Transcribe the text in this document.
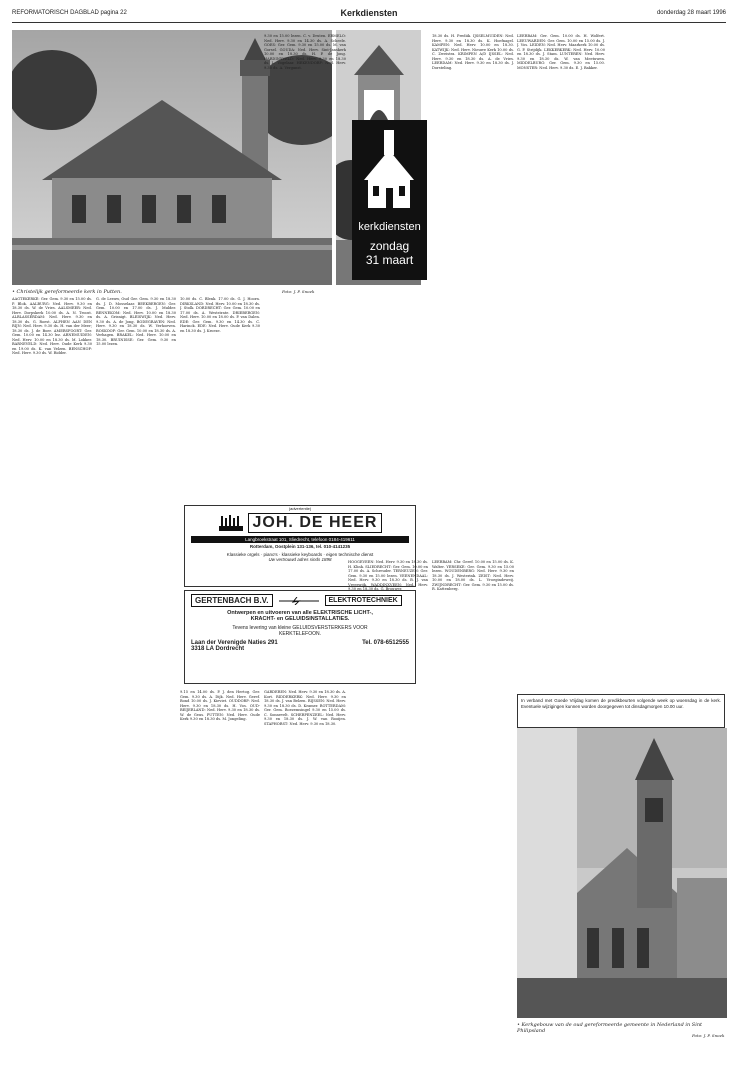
REFORMATORISCH DAGBLAD pagina 22	Kerkdiensten	donderdag 28 maart 1996
kerkdiensten
zondag
31 maart
• Christelijk gereformeerde kerk in Putten.	Foto: J. P. Snoek

AAGTEKERKE: Ger. Gem. 9.30 en 15.00 ds. P. Blok. AALBURG: Ned. Herv. 9.30 en 18.30 ds. W. de Vries. AALSMEER: Ned. Herv. Dorpskerk 10.00 ds. A. N. Troost. ALBLASSERDAM: Ned. Herv. 9.30 en 18.30 ds. G. Roest. ALPHEN AAN DEN RIJN: Ned. Herv. 9.30 ds. H. van der Meer; 18.30 ds. J. de Boer. AMERSFOORT: Ger. Gem. 10.00 en 14.30 lez. ARNEMUIDEN: Ned. Herv. 10.00 en 18.30 ds. M. Lokker. BARNEVELD: Ned. Herv. Oude Kerk 9.30 en 19.00 ds. K. van Velzen. BENSCHOP: Ned. Herv. 9.30 ds. W. Ridder.

G. de Leeuw, Oud Ger. Gem. 9.30 en 18.30 ds. J. D. Mosselaar. BEEKBERGEN: Ger. Gem. 10.00 en 17.00 ds. J. Mulder. BENNEKOM: Ned. Herv. 10.00 en 18.30 ds. A. Grisnigt. BLEISWIJK: Ned. Herv. 9.30 ds. A. de Jong. BODEGRAVEN: Ned. Herv. 9.30 en 18.30 ds. W. Verhoeven. BOSKOOP: Ger. Gem. 10.00 en 18.30 ds. A. Verhagen. BRAKEL: Ned. Herv. 10.00 en 18.30. BRUINISSE: Ger. Gem. 9.30 en 15.00 lezen.

10.00 ds. C. Blenk. 17.00 ds. G. J. Hoorn. DIRKSLAND: Ned. Herv. 10.00 en 18.30 ds. J. Stolk. DORDRECHT: Ger. Gem. 10.00 en 17.00 ds. A. Weststrate. DRIEBERGEN: Ned. Herv. 10.00 en 18.00 ds. P. van Dalen. EDE: Ger. Gem. 9.30 en 14.30 ds. C. Harinck. EDE: Ned. Herv. Oude Kerk 9.30 en 18.30 ds. J. Kroeze.

9.30 en 15.00 lezen. C. v. Druten. ERMELO: Ned. Herv. 9.30 en 14.30 ds. A. Scheele. GOES: Ger. Gem. 9.30 en 15.00 ds. M. van Gorsel. GOUDA: Ned. Herv. Sint-Janskerk 10.00 en 18.30 ds. H. P. de Jong. HARDINXVELD: Ned. Herv. 9.30 en 18.30 ds. L. Vogelaar. HEKENDORP: Ned. Herv. 9.30 ds. A. Vergunst.

18.30 ds. H. Prediik. IJSSELMUIDEN: Ned. Herv. 9.30 en 18.30 ds. K. Hoefnagel. KAMPEN: Ned. Herv. 10.00 en 18.30. KATWIJK: Ned. Herv. Nieuwe Kerk 10.00 ds. C. Zweistra. KRIMPEN A/D IJSSEL: Ned. Herv. 9.30 en 18.30 ds. A. de Vries. LEERDAM: Ned. Herv. 9.30 en 18.30 ds. J. Dorsteling.

LEERBAM: Ger. Gem. 10.00 ds. H. Wolfert. LEEUWARDEN: Ger. Gem. 10.00 en 15.00 ds. J. J. Vos. LEIDEN: Ned. Herv. Maarkerk 10.00 ds. G. P. Strijdijk. LEKKERKERK: Ned. Herv. 10.00 en 18.30 ds. J. Stam. LUNTEREN: Ned. Herv. 9.30 en 18.30 ds. W. van Meetuwen. MIDDELBURG: Ger. Gem. 9.30 en 15.00. MONSTER: Ned. Herv. 9.30 ds. E. J. Bakker.

(advertentie)
JOH. DE HEER
Langbroekstraat 101, Sliedrecht, telefoon 0184-419611
Rotterdam, Oostplein 131-136, tel. 010-4141235
Klassieke orgels · piano's · klassieke keyboards · eigen technische dienst
Uw vertrouwd adres sinds 1898
GERTENBACH B.V.	ELEKTROTECHNIEK
Ontwerpen en uitvoeren van alle ELEKTRISCHE LICHT-,
KRACHT- en GELUIDSINSTALLATIES.
Tevens levering van kleine GELUIDSVERSTERKERS VOOR
KERKTELEFOON.
Laan der Verenigde Naties 291	Tel. 078-6512555
3318 LA Dordrecht

9.15 en 14.00 ds. P. J. den Hertog. Ger. Gem. 9.30 ds. A. Dijk. Ned. Herv. Geref. Bond 10.00 ds. J. Kieviet. OUDDORP: Ned. Herv. 9.30 en 18.30 ds. H. Vos. OUD-BEIJERLAND: Ned. Herv. 9.30 en 18.30 ds. W. de Geus. PUTTEN: Ned. Herv. Oude Kerk 9.30 en 18.30 ds. M. Jongeling.

GARDEREN: Ned. Herv. 9.30 en 18.30 ds. A. Kort. RIDDERKERK: Ned. Herv. 9.30 en 18.30 ds. J. van Belzen. RIJSSEN: Ned. Herv. 9.30 en 18.30 ds. D. Kramer. ROTTERDAM: Ger. Gem. Boezemsingel 9.30 en 15.00 ds. C. Sonnevelt. SCHERPENZEEL: Ned. Herv. 9.30 en 18.30 ds. J. W. van Rooijen. STAPHORST: Ned. Herv. 9.30 en 18.30.

HOOGEVEEN: Ned. Herv. 9.30 en 18.30 ds. H. Klink. SLIEDRECHT: Ger. Gem. 10.00 en 17.00 ds. A. Schreuder. TERNEUZEN: Ger. Gem. 9.30 en 15.00 lezen. VEENENDAAL: Ned. Herv. 9.30 en 18.30 ds. B. J. van Vreeswijk. WADDINXVEEN: Ned. Herv. 9.30 en 18.30 ds. G. Brouwer.

LEERBAM: Chr. Geref. 10.00 en 15.00 ds. K. Walter. YERSEKE: Ger. Gem. 9.30 en 15.00 lezen. WOUDENBERG: Ned. Herv. 9.30 en 18.30 ds. J. Westerink. ZEIST: Ned. Herv. 10.00 en 18.00 ds. L. Vroegindeweij. ZWIJNDRECHT: Ger. Gem. 9.30 en 15.00 ds. R. Kattenberg.

In verband met Goede Vrijdag komen de predikbeurten volgende week op woensdag in de kerk. Eventuele wijzigingen kunnen worden doorgegeven tot dinsdagmorgen 10.00 uur.
• Kerkgebouw van de oud gereformeerde gemeente in Nederland in Sint Philipsland
Foto: J. P. Snoek
